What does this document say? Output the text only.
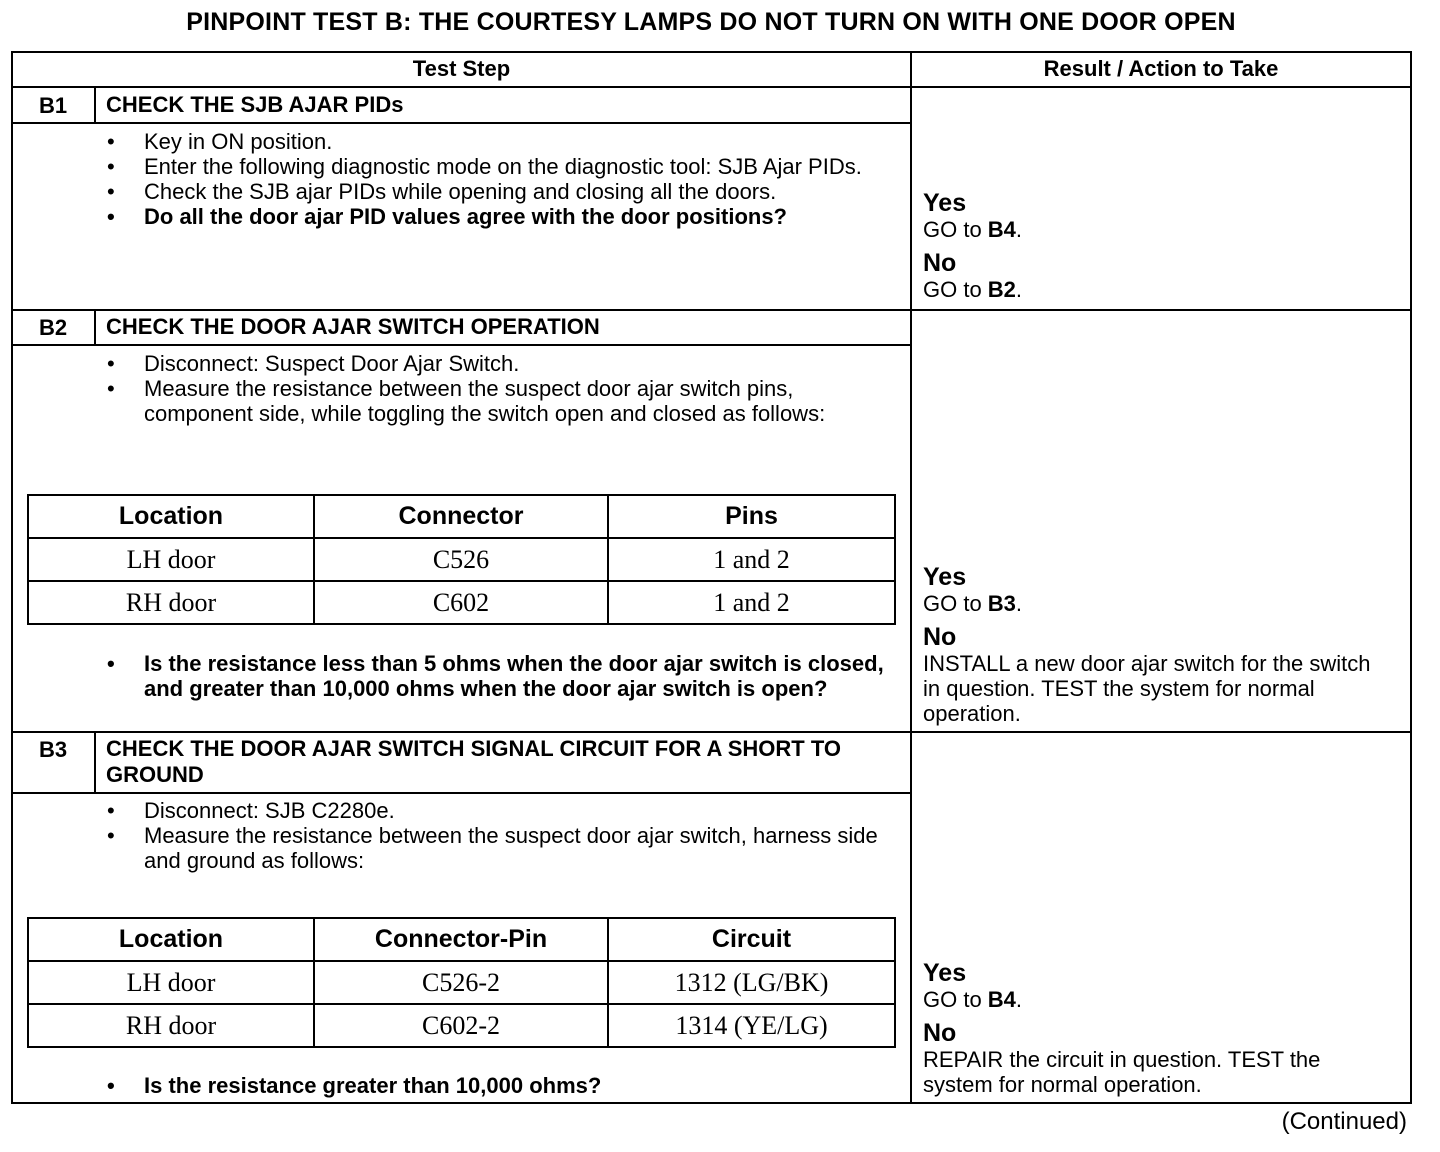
PINPOINT TEST B: THE COURTESY LAMPS DO NOT TURN ON WITH ONE DOOR OPEN
Test Step	Result / Action to Take
B1	CHECK THE SJB AJAR PIDs
• Key in ON position.
• Enter the following diagnostic mode on the diagnostic tool: SJB Ajar PIDs.
• Check the SJB ajar PIDs while opening and closing all the doors.
• Do all the door ajar PID values agree with the door positions?	Yes
GO to B4.
No
GO to B2.
B2	CHECK THE DOOR AJAR SWITCH OPERATION
• Disconnect: Suspect Door Ajar Switch.
• Measure the resistance between the suspect door ajar switch pins, component side, while toggling the switch open and closed as follows:
Location	Connector	Pins
LH door	C526	1 and 2
RH door	C602	1 and 2
• Is the resistance less than 5 ohms when the door ajar switch is closed, and greater than 10,000 ohms when the door ajar switch is open?
Yes
GO to B3.
No
INSTALL a new door ajar switch for the switch in question. TEST the system for normal operation.
B3	CHECK THE DOOR AJAR SWITCH SIGNAL CIRCUIT FOR A SHORT TO GROUND
• Disconnect: SJB C2280e.
• Measure the resistance between the suspect door ajar switch, harness side and ground as follows:
Location	Connector-Pin	Circuit
LH door	C526-2	1312 (LG/BK)
RH door	C602-2	1314 (YE/LG)
• Is the resistance greater than 10,000 ohms?
Yes
GO to B4.
No
REPAIR the circuit in question. TEST the system for normal operation.
(Continued)
